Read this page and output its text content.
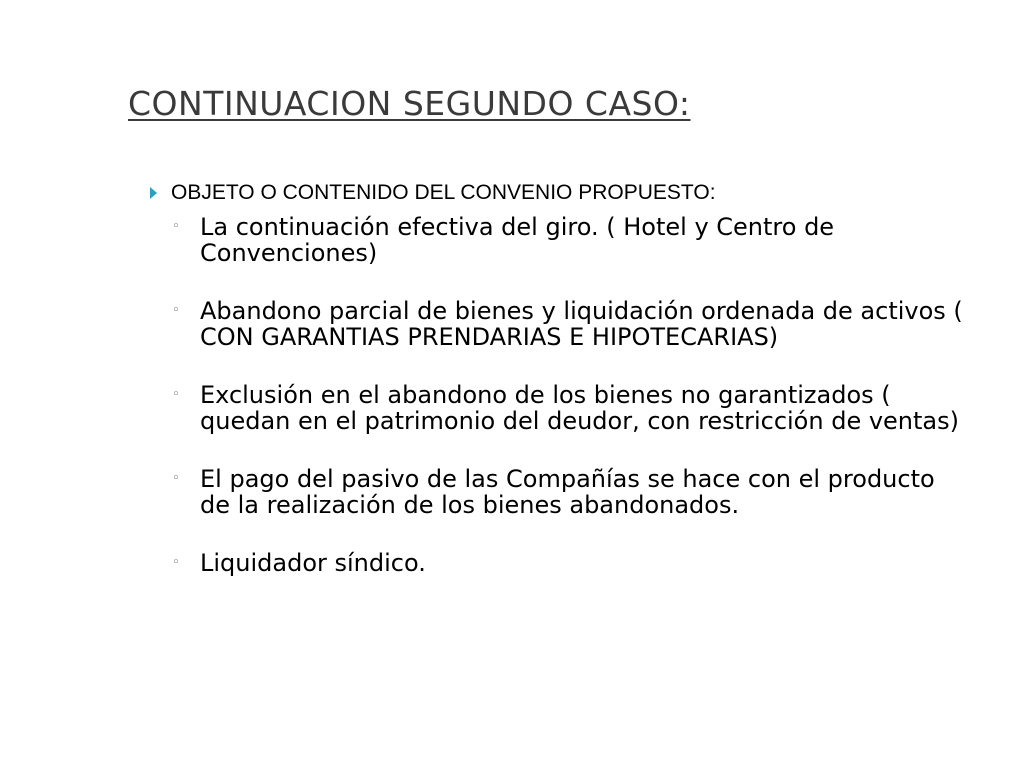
CONTINUACION SEGUNDO CASO:
OBJETO O CONTENIDO DEL CONVENIO PROPUESTO:
◦ La continuación efectiva del giro. ( Hotel y Centro de Convenciones)
◦ Abandono parcial de bienes y liquidación ordenada de activos ( CON GARANTIAS PRENDARIAS E HIPOTECARIAS)
◦ Exclusión en el abandono de los bienes no garantizados ( quedan en el patrimonio del deudor, con restricción de ventas)
◦ El pago del pasivo de las Compañías se hace con el producto de la realización de los bienes abandonados.
◦ Liquidador síndico.
